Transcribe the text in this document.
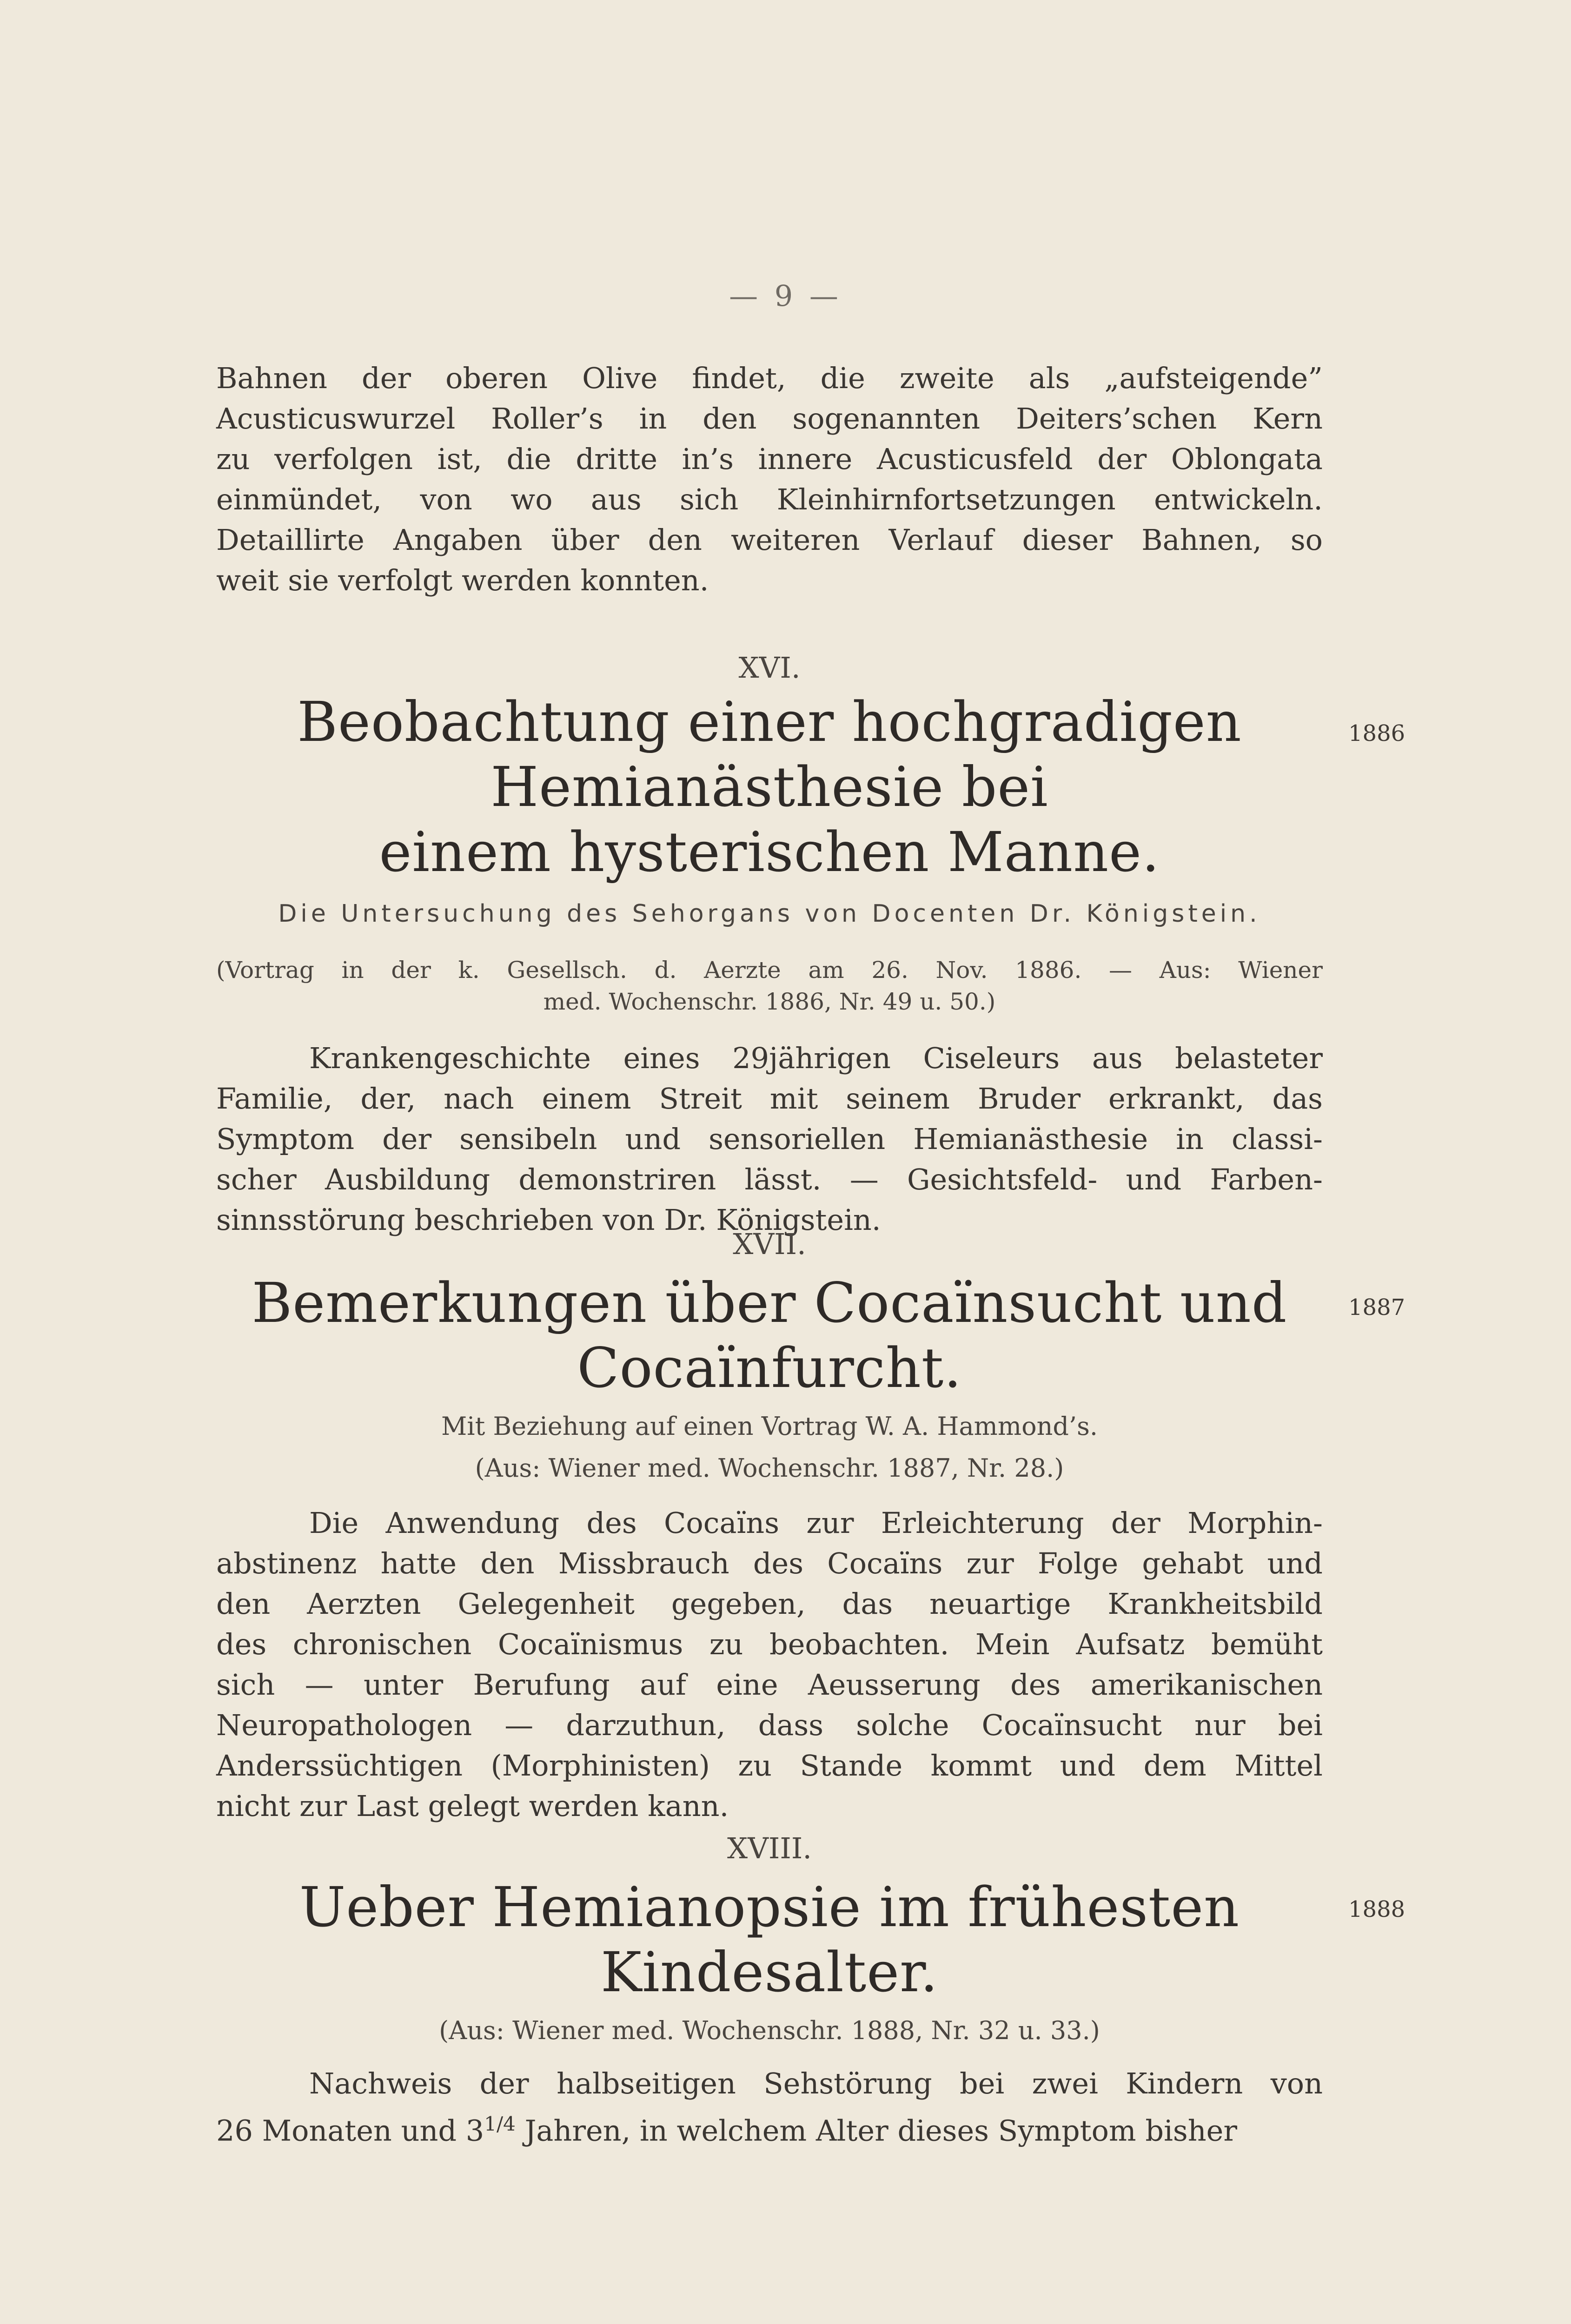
— 9 —

Bahnen der oberen Olive findet, die zweite als „aufsteigende”

Acusticuswurzel Roller’s in den sogenannten Deiters’schen Kern

zu verfolgen ist, die dritte in’s innere Acusticusfeld der Oblongata

einmündet, von wo aus sich Kleinhirnfortsetzungen entwickeln.

Detaillirte Angaben über den weiteren Verlauf dieser Bahnen, so

weit sie verfolgt werden konnten.

XVI.
Beobachtung einer hochgradigen Hemianästhesie bei
einem hysterischen Manne.
Die Untersuchung des Sehorgans von Docenten Dr. Königstein.
(Vortrag in der k. Gesellsch. d. Aerzte am 26. Nov. 1886. — Aus: Wiener
med. Wochenschr. 1886, Nr. 49 u. 50.)

Krankengeschichte eines 29jährigen Ciseleurs aus belasteter

Familie, der, nach einem Streit mit seinem Bruder erkrankt, das

Symptom der sensibeln und sensoriellen Hemianästhesie in classi-

scher Ausbildung demonstriren lässt. — Gesichtsfeld- und Farben-

sinnsstörung beschrieben von Dr. Königstein.

1886
XVII.
Bemerkungen über Cocaïnsucht und Cocaïnfurcht.
Mit Beziehung auf einen Vortrag W. A. Hammond’s.
(Aus: Wiener med. Wochenschr. 1887, Nr. 28.)

Die Anwendung des Cocaïns zur Erleichterung der Morphin-

abstinenz hatte den Missbrauch des Cocaïns zur Folge gehabt und

den Aerzten Gelegenheit gegeben, das neuartige Krankheitsbild

des chronischen Cocaïnismus zu beobachten. Mein Aufsatz bemüht

sich — unter Berufung auf eine Aeusserung des amerikanischen

Neuropathologen — darzuthun, dass solche Cocaïnsucht nur bei

Anderssüchtigen (Morphinisten) zu Stande kommt und dem Mittel

nicht zur Last gelegt werden kann.

1887
XVIII.
Ueber Hemianopsie im frühesten Kindesalter.
(Aus: Wiener med. Wochenschr. 1888, Nr. 32 u. 33.)

Nachweis der halbseitigen Sehstörung bei zwei Kindern von

26 Monaten und $3^{1/4}$ Jahren, in welchem Alter dieses Symptom bisher

1888
